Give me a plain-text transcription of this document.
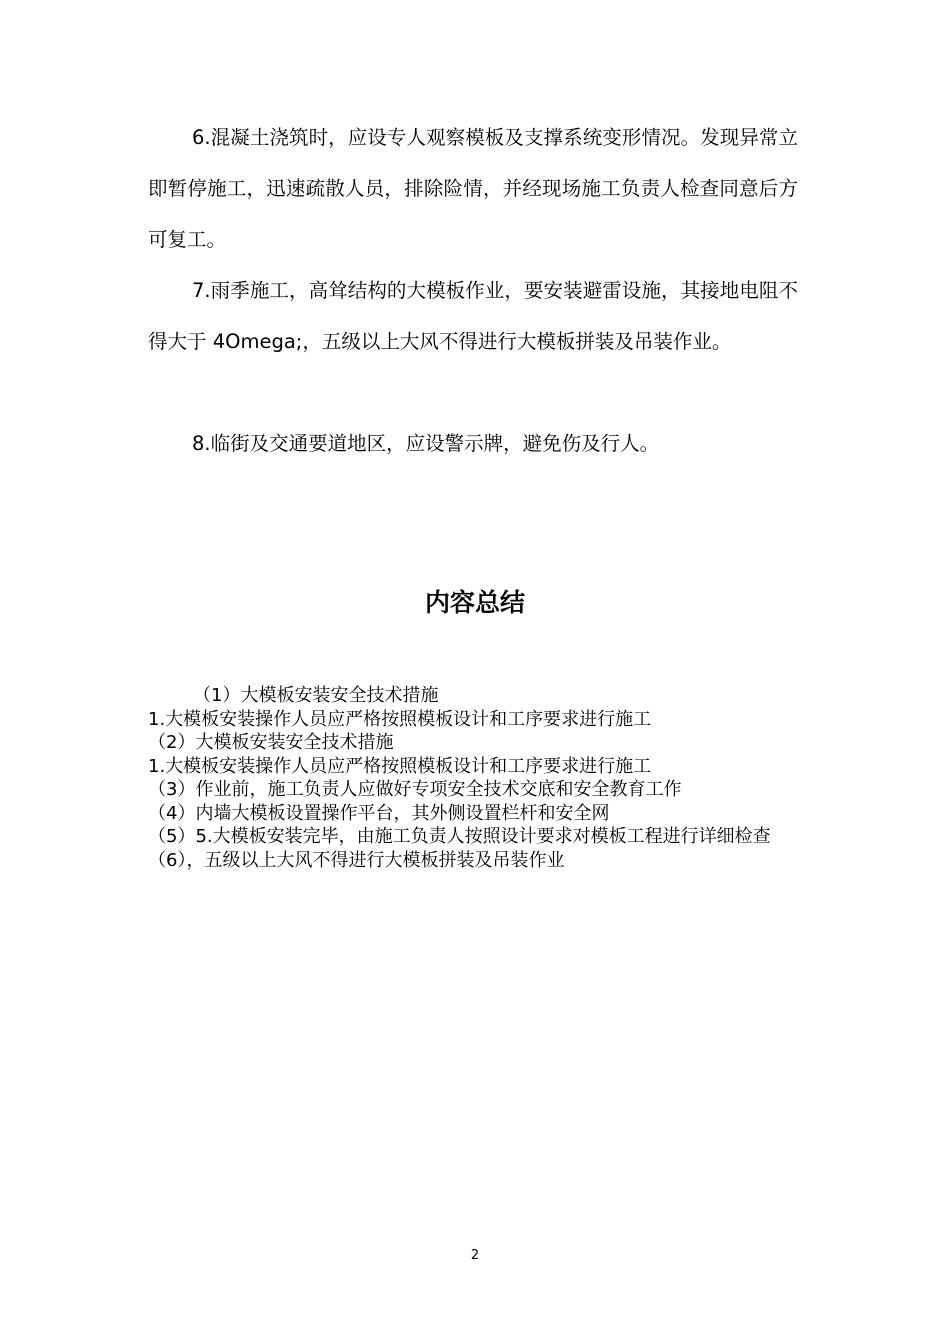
6.混凝土浇筑时，应设专人观察模板及支撑系统变形情况。发现异常立即暂停施工，迅速疏散人员，排除险情，并经现场施工负责人检查同意后方可复工。

7.雨季施工，高耸结构的大模板作业，要安装避雷设施，其接地电阻不得大于 4Omega;，五级以上大风不得进行大模板拼装及吊装作业。

8.临街及交通要道地区，应设警示牌，避免伤及行人。

内容总结

（1）大模板安装安全技术措施

1.大模板安装操作人员应严格按照模板设计和工序要求进行施工

（2）大模板安装安全技术措施

1.大模板安装操作人员应严格按照模板设计和工序要求进行施工

（3）作业前，施工负责人应做好专项安全技术交底和安全教育工作

（4）内墙大模板设置操作平台，其外侧设置栏杆和安全网

（5）5.大模板安装完毕，由施工负责人按照设计要求对模板工程进行详细检查

（6），五级以上大风不得进行大模板拼装及吊装作业

2
